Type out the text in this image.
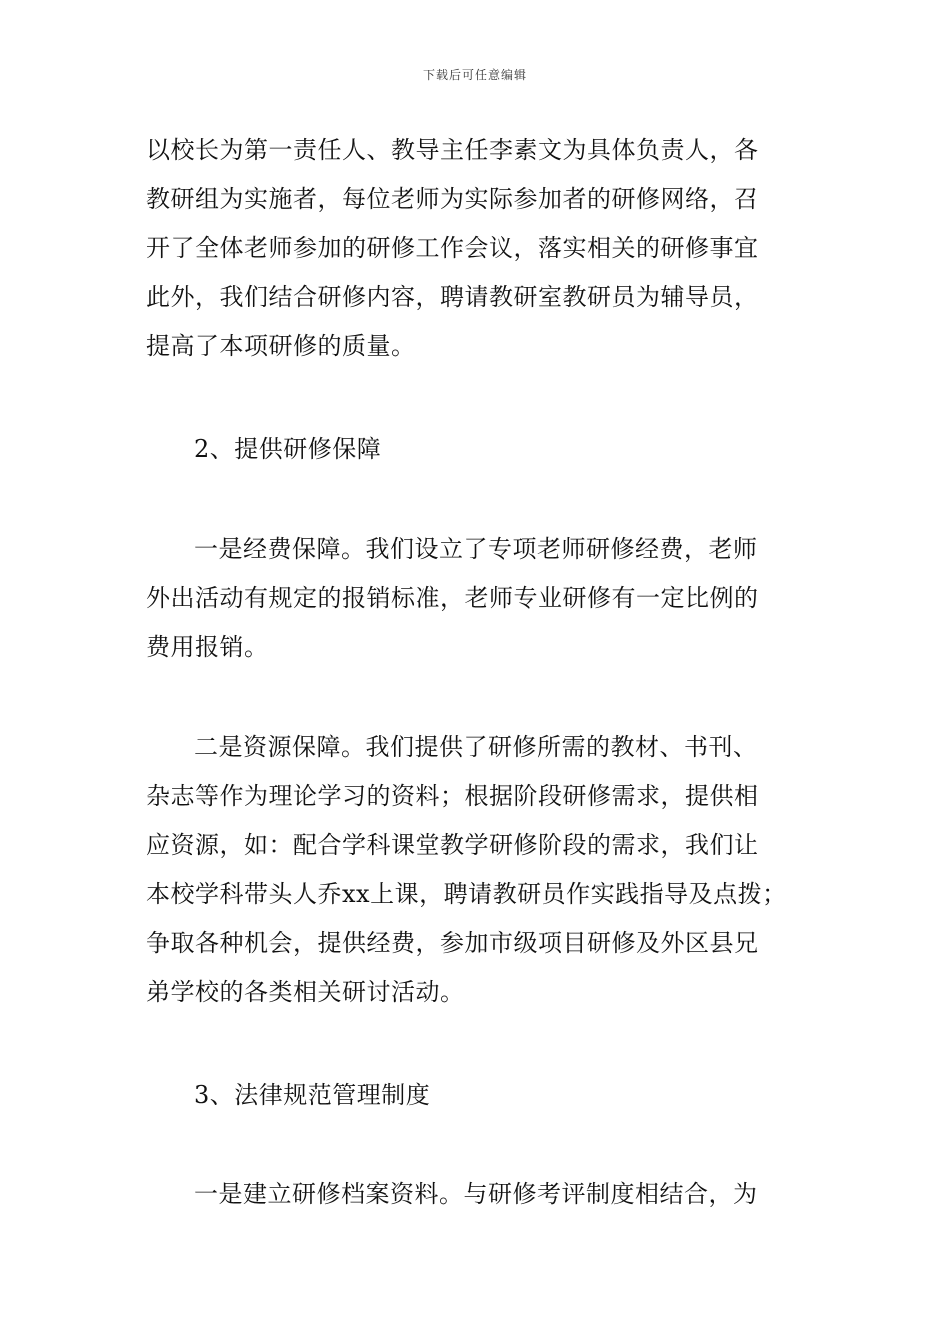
下载后可任意编辑
以校长为第一责任人、教导主任李素文为具体负责人，各
教研组为实施者，每位老师为实际参加者的研修网络，召
开了全体老师参加的研修工作会议，落实相关的研修事宜
此外，我们结合研修内容，聘请教研室教研员为辅导员，
提高了本项研修的质量。
2、提供研修保障
一是经费保障。我们设立了专项老师研修经费，老师
外出活动有规定的报销标准，老师专业研修有一定比例的
费用报销。
二是资源保障。我们提供了研修所需的教材、书刊、
杂志等作为理论学习的资料；根据阶段研修需求，提供相
应资源，如：配合学科课堂教学研修阶段的需求，我们让
本校学科带头人乔xx上课，聘请教研员作实践指导及点拨；
争取各种机会，提供经费，参加市级项目研修及外区县兄
弟学校的各类相关研讨活动。
3、法律规范管理制度
一是建立研修档案资料。与研修考评制度相结合，为
